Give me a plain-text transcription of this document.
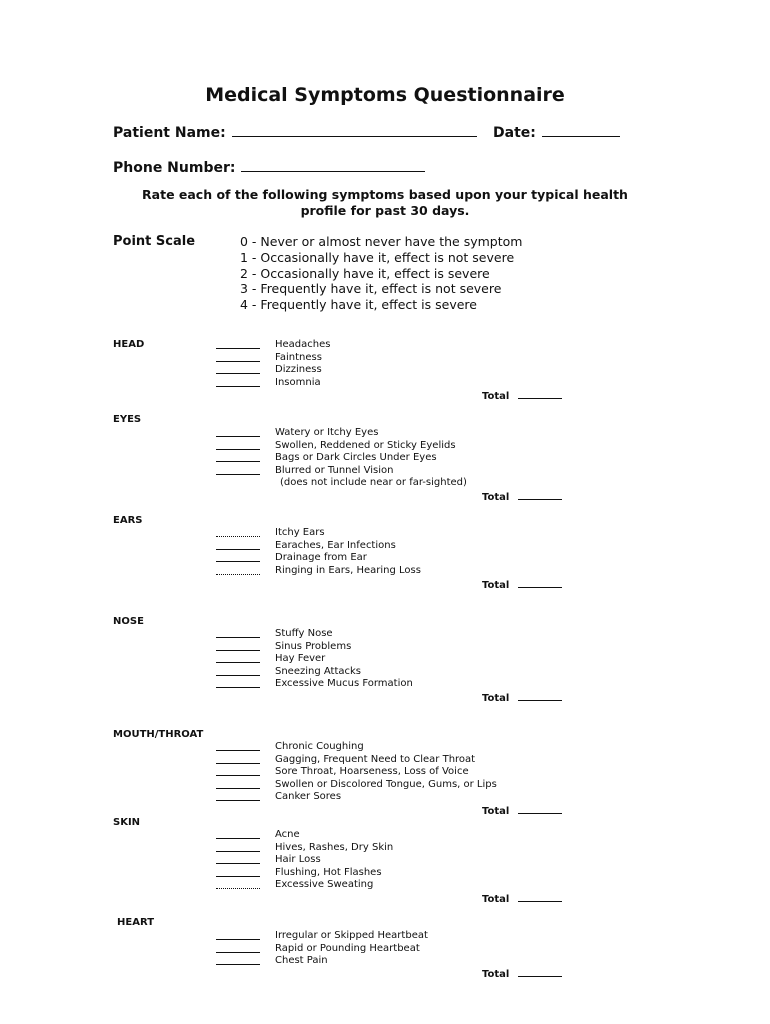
Medical Symptoms Questionnaire
Patient Name:	Date:
Phone Number:
Rate each of the following symptoms based upon your typical health
profile for past 30 days.
Point Scale	0 - Never or almost never have the symptom
1 - Occasionally have it, effect is not severe
2 - Occasionally have it, effect is severe
3 - Frequently have it, effect is not severe
4 - Frequently have it, effect is severe
HEAD	Headaches
Faintness
Dizziness
Insomnia
Total
EYES
Watery or Itchy Eyes
Swollen, Reddened or Sticky Eyelids
Bags or Dark Circles Under Eyes
Blurred or Tunnel Vision
(does not include near or far-sighted)
Total
EARS
Itchy Ears
Earaches, Ear Infections
Drainage from Ear
Ringing in Ears, Hearing Loss
Total
NOSE
Stuffy Nose
Sinus Problems
Hay Fever
Sneezing Attacks
Excessive Mucus Formation
Total
MOUTH/THROAT
Chronic Coughing
Gagging, Frequent Need to Clear Throat
Sore Throat, Hoarseness, Loss of Voice
Swollen or Discolored Tongue, Gums, or Lips
Canker Sores
Total
SKIN
Acne
Hives, Rashes, Dry Skin
Hair Loss
Flushing, Hot Flashes
Excessive Sweating
Total
HEART
Irregular or Skipped Heartbeat
Rapid or Pounding Heartbeat
Chest Pain
Total
